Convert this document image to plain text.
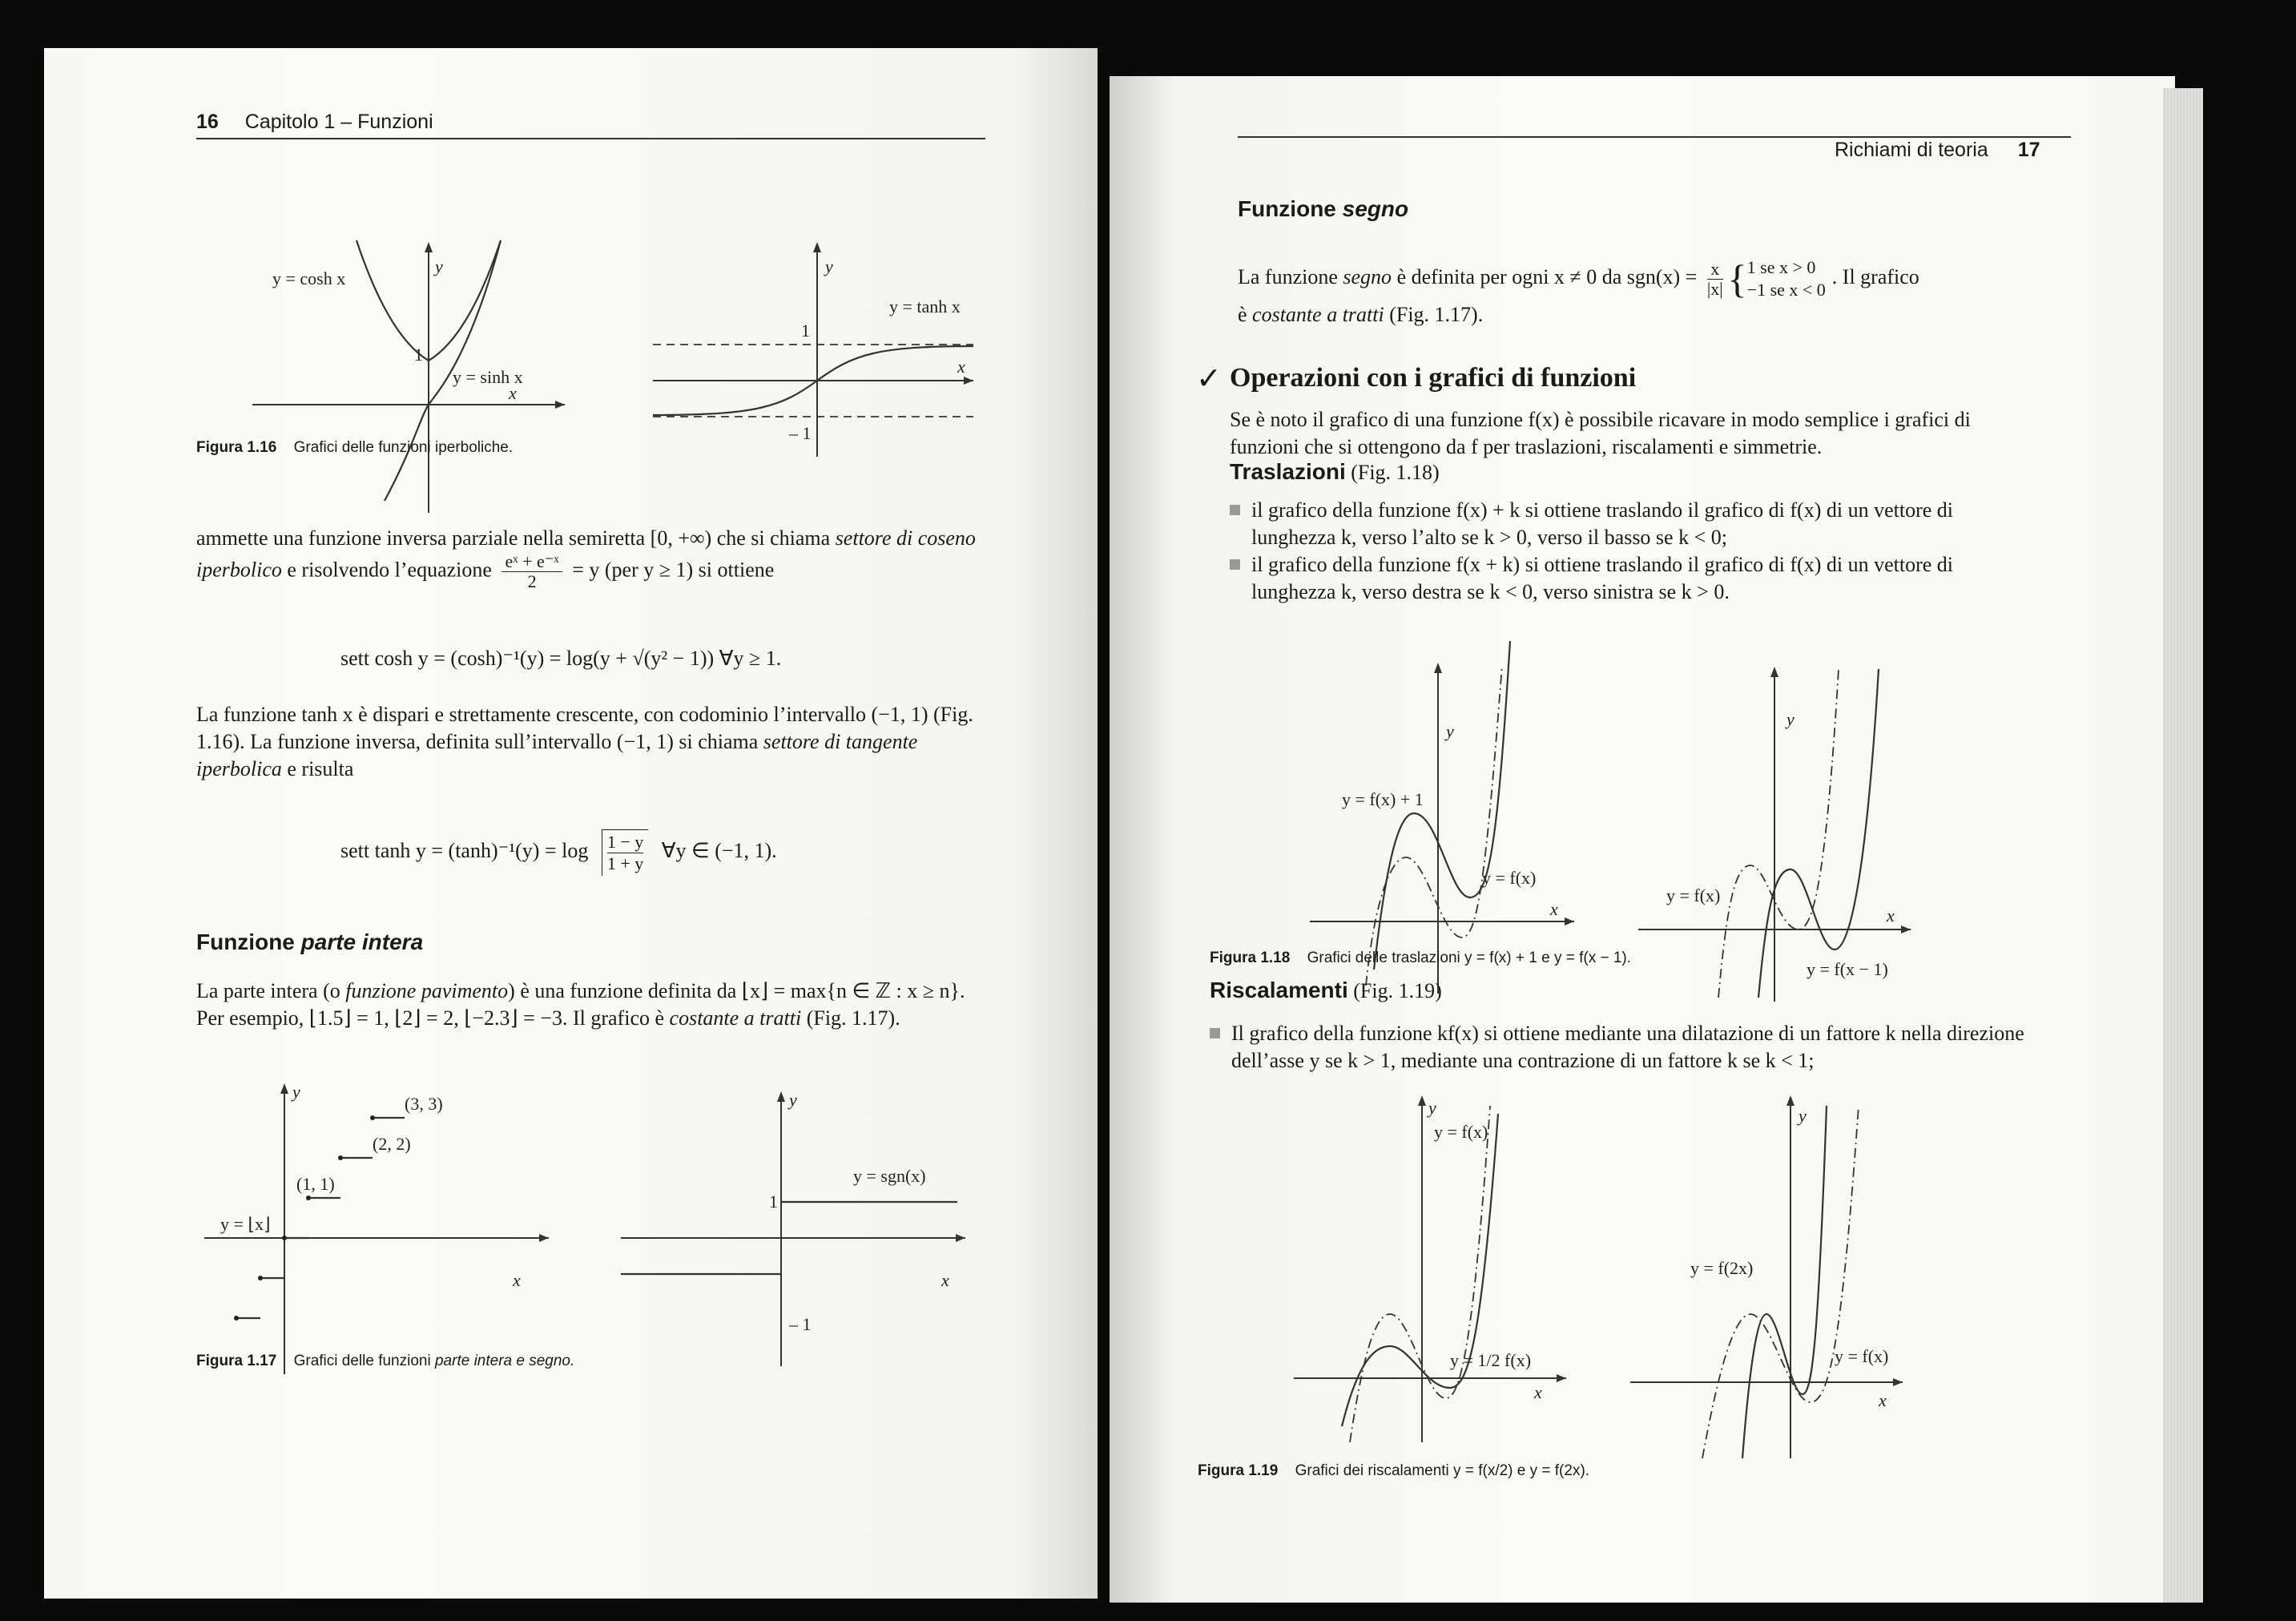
16 Capitolo 1 – Funzioni
y = cosh x
y = sinh x
y
1
x
y = tanh x
y
1
– 1
x
Figura 1.16 Grafici delle funzioni iperboliche.
ammette una funzione inversa parziale nella semiretta [0, +∞) che si chiama settore di coseno iperbolico e risolvendo l’equazione $\frac{\text{eˣ + e⁻ˣ}}{2} = y$ (per y ≥ 1) si ottiene
sett cosh y = (cosh)⁻¹(y) = log(y + √(y² − 1)) ∀y ≥ 1.
La funzione tanh x è dispari e strettamente crescente, con codominio l’intervallo (−1, 1) (Fig. 1.16). La funzione inversa, definita sull’intervallo (−1, 1) si chiama settore di tangente iperbolica e risulta
sett $\tanh y = (\tanh)^{-1}(y) = \log \frac{1 - y}{1 + y}$ ∀y ∈ (−1, 1).
Funzione parte intera
La parte intera (o funzione pavimento) è una funzione definita da ⌊x⌋ = max{n ∈ ℤ : x ≥ n}. Per esempio, ⌊1.5⌋ = 1, ⌊2⌋ = 2, ⌊−2.3⌋ = −3. Il grafico è costante a tratti (Fig. 1.17).
(2, 2)
(3, 3)
(1, 1)
y = ⌊x⌋
y
x
y = sgn(x)
y
1
– 1
x
Figura 1.17 Grafici delle funzioni parte intera e segno.
Richiami di teoria 17
Funzione segno
La funzione segno è definita per ogni x ≠ 0 da $sgn(x) = \frac{x}{|x|}$ { 1 se x > 0
−1 se x < 0
. Il grafico
è costante a tratti (Fig. 1.17).
✓ Operazioni con i grafici di funzioni
Se è noto il grafico di una funzione f(x) è possibile ricavare in modo semplice i grafici di funzioni che si ottengono da f per traslazioni, riscalamenti e simmetrie.
Traslazioni (Fig. 1.18)
il grafico della funzione f(x) + k si ottiene traslando il grafico di f(x) di un vettore di lunghezza k, verso l’alto se k > 0, verso il basso se k < 0;
il grafico della funzione f(x + k) si ottiene traslando il grafico di f(x) di un vettore di lunghezza k, verso destra se k < 0, verso sinistra se k > 0.
y = f(x) + 1
y = f(x)
y
x
y = f(x)
y
x
y = f(x − 1)
Figura 1.18 Grafici delle traslazioni y = f(x) + 1 e y = f(x − 1).
Riscalamenti (Fig. 1.19)
Il grafico della funzione kf(x) si ottiene mediante una dilatazione di un fattore k nella direzione dell’asse y se k > 1, mediante una contrazione di un fattore k se k < 1;
y = f(x)
y = 1/2 f(x)
y
x
y = f(2x)
y = f(x)
y
x
Figura 1.19 Grafici dei riscalamenti y = f(x/2) e y = f(2x).
